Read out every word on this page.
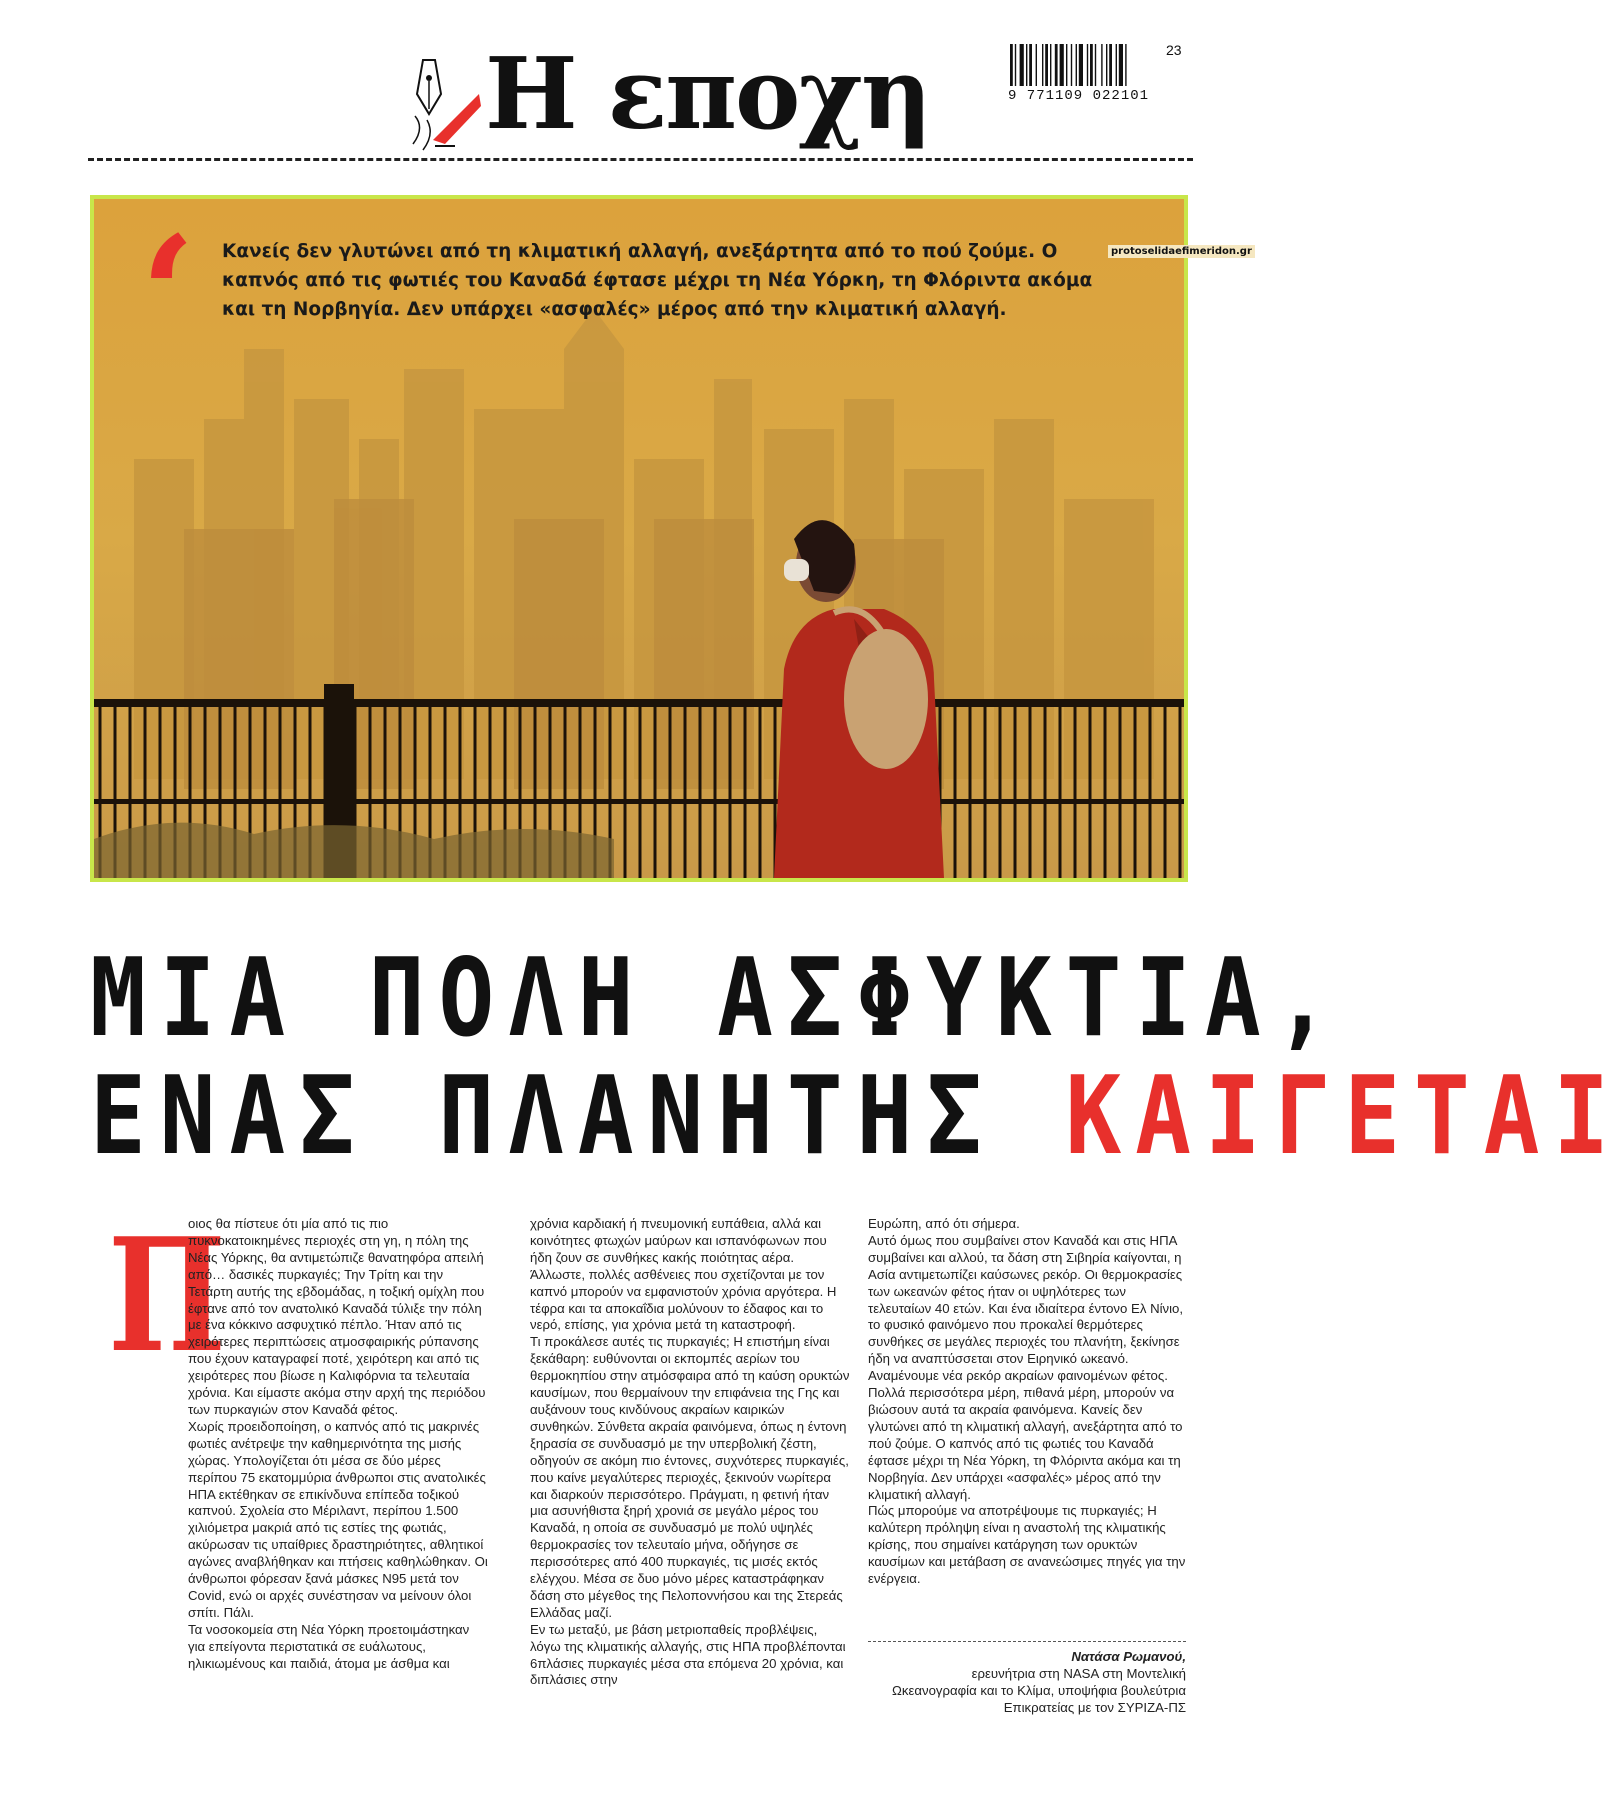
Η εποχη	23
9 771109 022101
‘ Κανείς δεν γλυτώνει από τη κλιματική αλλαγή, ανεξάρτητα από το πού ζούμε. Ο καπνός από τις φωτιές του Καναδά έφτασε μέχρι τη Νέα Υόρκη, τη Φλόριντα ακόμα και τη Νορβηγία. Δεν υπάρχει «ασφαλές» μέρος από την κλιματική αλλαγή.
protoselidaefimeridon.gr
ΜΙΑ ΠΟΛΗ ΑΣΦΥΚΤΙΑ,
ΕΝΑΣ ΠΛΑΝΗΤΗΣ ΚΑΙΓΕΤΑΙ
Π

οιος θα πίστευε ότι μία από τις πιο πυκνοκατοικημένες περιοχές στη γη, η πόλη της Νέας Υόρκης, θα αντιμετώπιζε θανατηφόρα απειλή από… δασικές πυρκαγιές; Την Τρίτη και την Τετάρτη αυτής της εβδομάδας, η τοξική ομίχλη που έφτανε από τον ανατολικό Καναδά τύλιξε την πόλη με ένα κόκκινο ασφυχτικό πέπλο. Ήταν από τις χειρότερες περιπτώσεις ατμοσφαιρικής ρύπανσης που έχουν καταγραφεί ποτέ, χειρότερη και από τις χειρότερες που βίωσε η Καλιφόρνια τα τελευταία χρόνια. Και είμαστε ακόμα στην αρχή της περιόδου των πυρκαγιών στον Καναδά φέτος.

Χωρίς προειδοποίηση, ο καπνός από τις μακρινές φωτιές ανέτρεψε την καθημερινότητα της μισής χώρας. Υπολογίζεται ότι μέσα σε δύο μέρες περίπου 75 εκατομμύρια άνθρωποι στις ανατολικές ΗΠΑ εκτέθηκαν σε επικίνδυνα επίπεδα τοξικού καπνού. Σχολεία στο Μέριλαντ, περίπου 1.500 χιλιόμετρα μακριά από τις εστίες της φωτιάς, ακύρωσαν τις υπαίθριες δραστηριότητες, αθλητικοί αγώνες αναβλήθηκαν και πτήσεις καθηλώθηκαν. Οι άνθρωποι φόρεσαν ξανά μάσκες N95 μετά τον Covid, ενώ οι αρχές συνέστησαν να μείνουν όλοι σπίτι. Πάλι.

Τα νοσοκομεία στη Νέα Υόρκη προετοιμάστηκαν για επείγοντα περιστατικά σε ευάλωτους, ηλικιωμένους και παιδιά, άτομα με άσθμα και

χρόνια καρδιακή ή πνευμονική ευπάθεια, αλλά και κοινότητες φτωχών μαύρων και ισπανόφωνων που ήδη ζουν σε συνθήκες κακής ποιότητας αέρα. Άλλωστε, πολλές ασθένειες που σχετίζονται με τον καπνό μπορούν να εμφανιστούν χρόνια αργότερα. Η τέφρα και τα αποκαΐδια μολύνουν το έδαφος και το νερό, επίσης, για χρόνια μετά τη καταστροφή.

Τι προκάλεσε αυτές τις πυρκαγιές; Η επιστήμη είναι ξεκάθαρη: ευθύνονται οι εκπομπές αερίων του θερμοκηπίου στην ατμόσφαιρα από τη καύση ορυκτών καυσίμων, που θερμαίνουν την επιφάνεια της Γης και αυξάνουν τους κινδύνους ακραίων καιρικών συνθηκών. Σύνθετα ακραία φαινόμενα, όπως η έντονη ξηρασία σε συνδυασμό με την υπερβολική ζέστη, οδηγούν σε ακόμη πιο έντονες, συχνότερες πυρκαγιές, που καίνε μεγαλύτερες περιοχές, ξεκινούν νωρίτερα και διαρκούν περισσότερο. Πράγματι, η φετινή ήταν μια ασυνήθιστα ξηρή χρονιά σε μεγάλο μέρος του Καναδά, η οποία σε συνδυασμό με πολύ υψηλές θερμοκρασίες τον τελευταίο μήνα, οδήγησε σε περισσότερες από 400 πυρκαγιές, τις μισές εκτός ελέγχου. Μέσα σε δυο μόνο μέρες καταστράφηκαν δάση στο μέγεθος της Πελοποννήσου και της Στερεάς Ελλάδας μαζί.

Εν τω μεταξύ, με βάση μετριοπαθείς προβλέψεις, λόγω της κλιματικής αλλαγής, στις ΗΠΑ προβλέπονται 6πλάσιες πυρκαγιές μέσα στα επόμενα 20 χρόνια, και διπλάσιες στην

Ευρώπη, από ότι σήμερα.

Αυτό όμως που συμβαίνει στον Καναδά και στις ΗΠΑ συμβαίνει και αλλού, τα δάση στη Σιβηρία καίγονται, η Ασία αντιμετωπίζει καύσωνες ρεκόρ. Οι θερμοκρασίες των ωκεανών φέτος ήταν οι υψηλότερες των τελευταίων 40 ετών. Και ένα ιδιαίτερα έντονο Ελ Νίνιο, το φυσικό φαινόμενο που προκαλεί θερμότερες συνθήκες σε μεγάλες περιοχές του πλανήτη, ξεκίνησε ήδη να αναπτύσσεται στον Ειρηνικό ωκεανό. Αναμένουμε νέα ρεκόρ ακραίων φαινομένων φέτος.

Πολλά περισσότερα μέρη, πιθανά μέρη, μπορούν να βιώσουν αυτά τα ακραία φαινόμενα. Κανείς δεν γλυτώνει από τη κλιματική αλλαγή, ανεξάρτητα από το πού ζούμε. Ο καπνός από τις φωτιές του Καναδά έφτασε μέχρι τη Νέα Υόρκη, τη Φλόριντα ακόμα και τη Νορβηγία. Δεν υπάρχει «ασφαλές» μέρος από την κλιματική αλλαγή.

Πώς μπορούμε να αποτρέψουμε τις πυρκαγιές; Η καλύτερη πρόληψη είναι η αναστολή της κλιματικής κρίσης, που σημαίνει κατάργηση των ορυκτών καυσίμων και μετάβαση σε ανανεώσιμες πηγές για την ενέργεια.

Νατάσα Ρωμανού,
ερευνήτρια στη NASA στη Μοντελική
Ωκεανογραφία και το Κλίμα, υποψήφια βουλεύτρια
Επικρατείας με τον ΣΥΡΙΖΑ-ΠΣ
